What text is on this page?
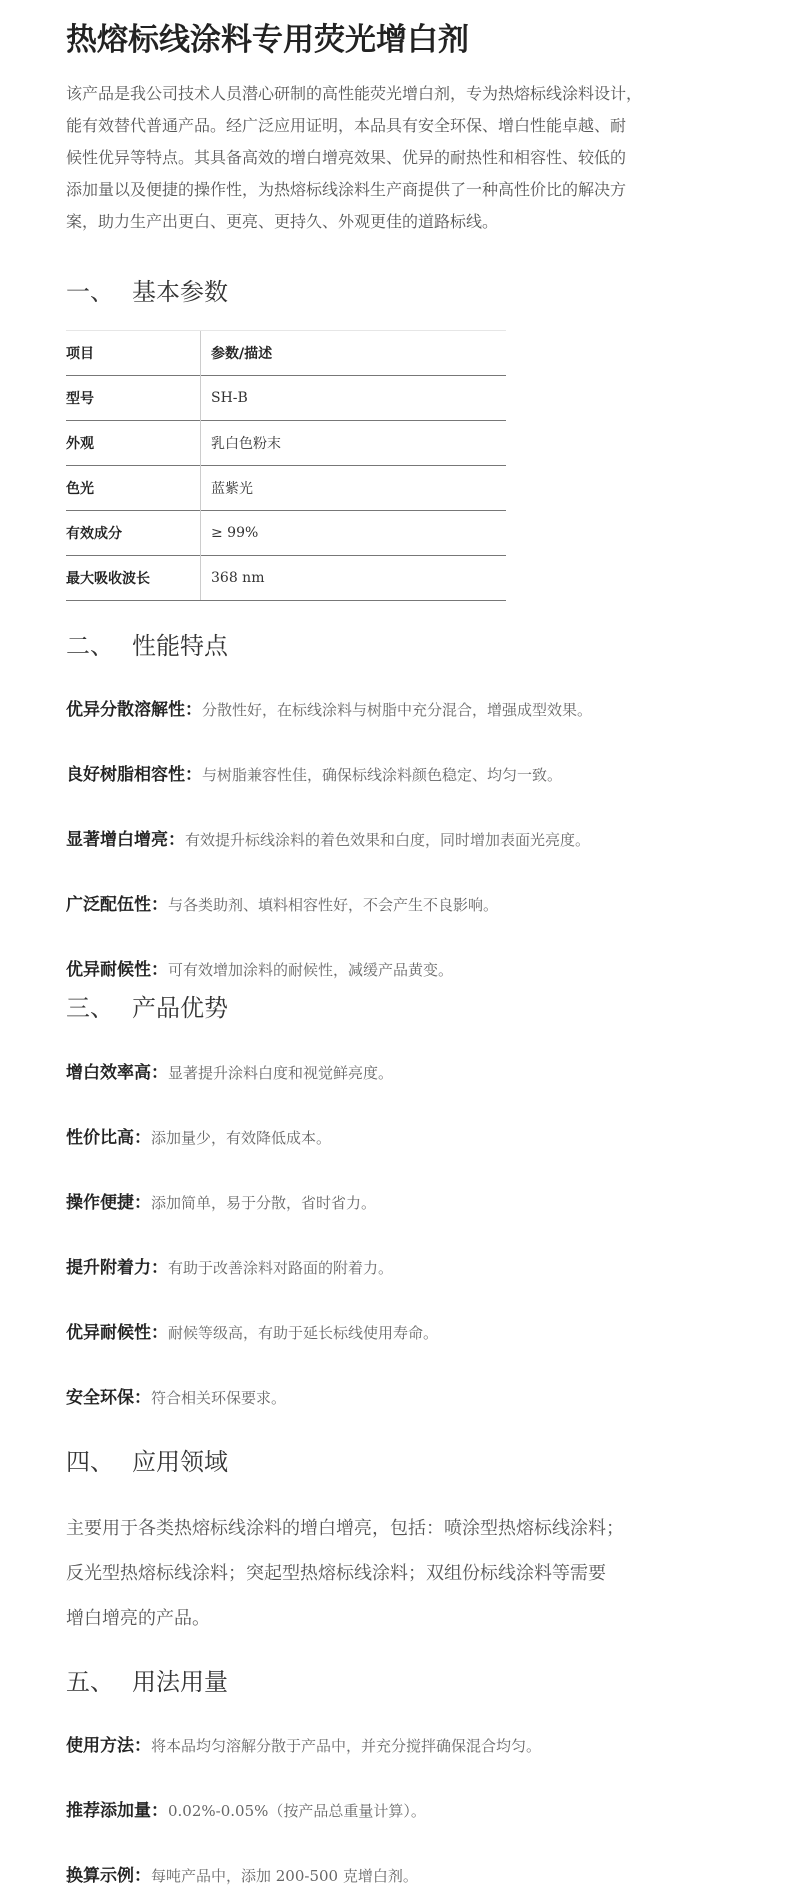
热熔标线涂料专用荧光增白剂

该产品是我公司技术人员潜心研制的高性能荧光增白剂，专为热熔标线涂料设计，

能有效替代普通产品。经广泛应用证明，本品具有安全环保、增白性能卓越、耐

候性优异等特点。其具备高效的增白增亮效果、优异的耐热性和相容性、较低的

添加量以及便捷的操作性，为热熔标线涂料生产商提供了一种高性价比的解决方

案，助力生产出更白、更亮、更持久、外观更佳的道路标线。

一、 基本参数
项目	参数/描述
型号	SH-B
外观	乳白色粉末
色光	蓝紫光
有效成分	≥ 99%
最大吸收波长	368 nm
二、 性能特点

优异分散溶解性：分散性好，在标线涂料与树脂中充分混合，增强成型效果。

良好树脂相容性：与树脂兼容性佳，确保标线涂料颜色稳定、均匀一致。

显著增白增亮：有效提升标线涂料的着色效果和白度，同时增加表面光亮度。

广泛配伍性：与各类助剂、填料相容性好，不会产生不良影响。

优异耐候性：可有效增加涂料的耐候性，减缓产品黄变。

三、 产品优势

增白效率高：显著提升涂料白度和视觉鲜亮度。

性价比高：添加量少，有效降低成本。

操作便捷：添加简单，易于分散，省时省力。

提升附着力：有助于改善涂料对路面的附着力。

优异耐候性：耐候等级高，有助于延长标线使用寿命。

安全环保：符合相关环保要求。

四、 应用领域

主要用于各类热熔标线涂料的增白增亮，包括：喷涂型热熔标线涂料；

反光型热熔标线涂料；突起型热熔标线涂料；双组份标线涂料等需要

增白增亮的产品。

五、 用法用量

使用方法：将本品均匀溶解分散于产品中，并充分搅拌确保混合均匀。

推荐添加量：0.02%-0.05%（按产品总重量计算）。

换算示例：每吨产品中，添加 200-500 克增白剂。
